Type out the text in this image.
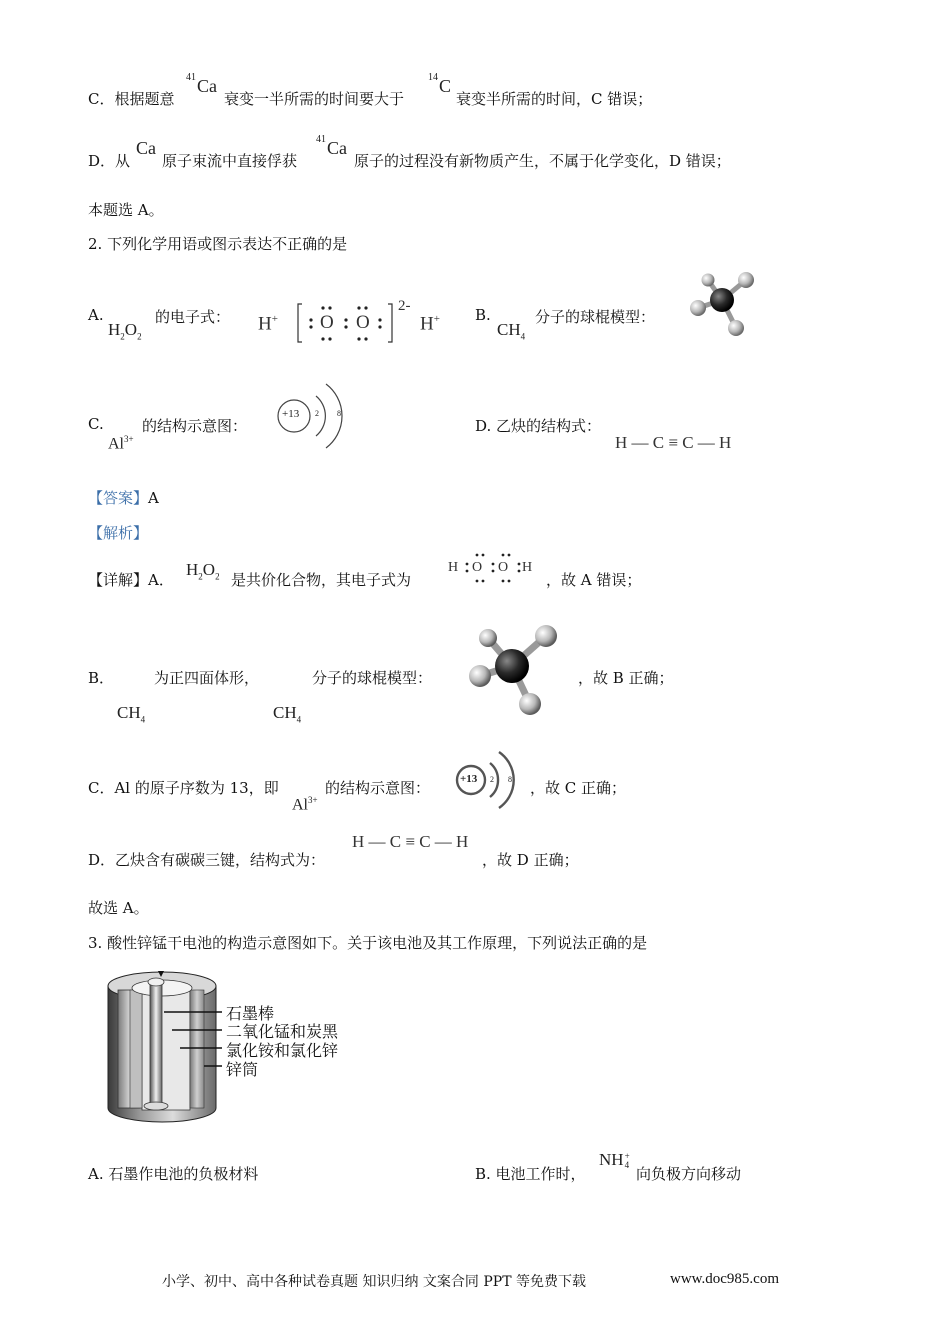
C．根据题意
41 Ca
衰变一半所需的时间要大于
14 C
衰变半所需的时间，C 错误；
D．从
Ca
原子束流中直接俘获
41 Ca
原子的过程没有新物质产生，不属于化学变化，D 错误；
本题选 A。
2. 下列化学用语或图示表达不正确的是
A.
$H_2O_2$
的电子式： H+ O O
2-
H+ B.
$CH_4$
分子的球棍模型：
C.
$Al^{3+}$
的结构示意图：
+13 2 8
D. 乙炔的结构式：
H — C ≡ C — H
【答案】A
【解析】
【详解】A．
$H_2O_2$ 是共价化合物，其电子式为
H O O H
，故 A 错误；
B．
$CH_4$
为正四面体形，
$CH_4$
分子的球棍模型：	，故 B 正确；
C．Al 的原子序数为 13，即
$Al^{3+}$
的结构示意图：	+13 2 8 ，故 C 正确；
D．乙炔含有碳碳三键，结构式为：
H — C ≡ C — H
，故 D 正确；
故选 A。
3. 酸性锌锰干电池的构造示意图如下。关于该电池及其工作原理，下列说法正确的是
石墨棒
二氧化锰和炭黑
氯化铵和氯化锌
锌筒
A. 石墨作电池的负极材料	B. 电池工作时，
NH +
4 向负极方向移动
小学、初中、高中各种试卷真题 知识归纳 文案合同 PPT 等免费下载	www.doc985.com
